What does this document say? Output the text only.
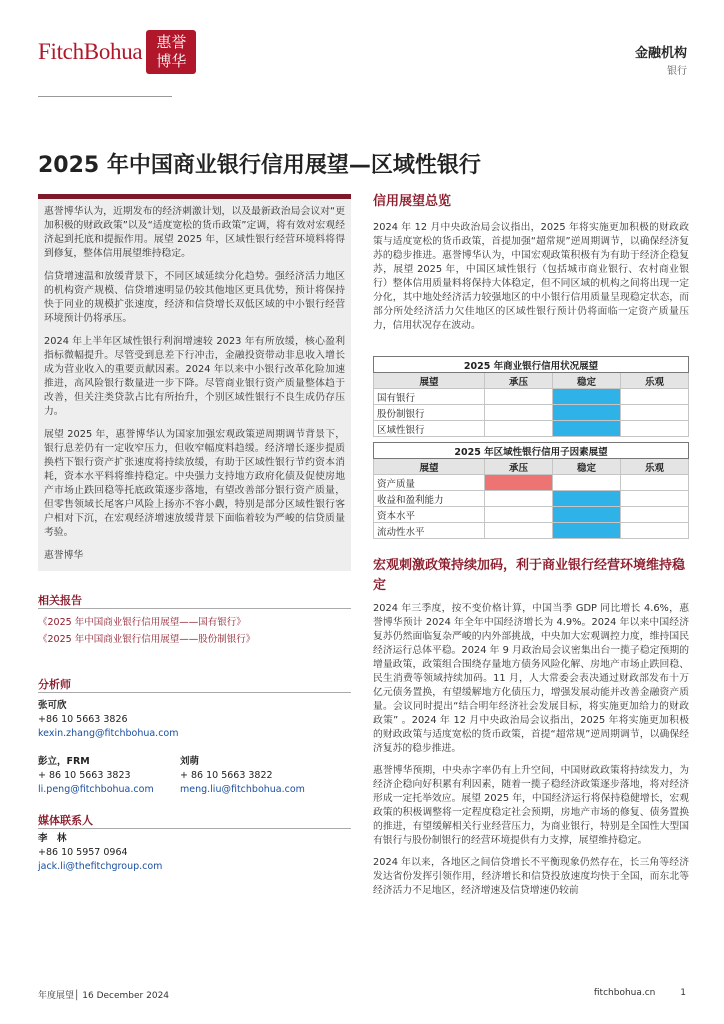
FitchBohua 惠誉
博华	金融机构
银行
2025 年中国商业银行信用展望—区域性银行

惠誉博华认为，近期发布的经济刺激计划，以及最新政治局会议对“更加积极的财政政策”以及“适度宽松的货币政策”定调，将有效对宏观经济起到托底和提振作用。展望 2025 年，区域性银行经营环境料将得到修复，整体信用展望维持稳定。

信贷增速温和放缓背景下，不同区域延续分化趋势。强经济活力地区的机构资产规模、信贷增速明显仍较其他地区更具优势，预计将保持快于同业的规模扩张速度，经济和信贷增长双低区域的中小银行经营环境预计仍将承压。

2024 年上半年区域性银行利润增速较 2023 年有所放缓，核心盈利指标微幅提升。尽管受到息差下行冲击，金融投资带动非息收入增长成为营业收入的重要贡献因素。2024 年以来中小银行改革化险加速推进，高风险银行数量进一步下降。尽管商业银行资产质量整体趋于改善，但关注类贷款占比有所抬升，个别区域性银行不良生成仍存压力。

展望 2025 年，惠誉博华认为国家加强宏观政策逆周期调节背景下，银行息差仍有一定收窄压力，但收窄幅度料趋缓。经济增长逐步提质换档下银行资产扩张速度将持续放缓，有助于区域性银行节约资本消耗，资本水平料将维持稳定。中央强力支持地方政府化债及促使房地产市场止跌回稳等托底政策逐步落地，有望改善部分银行资产质量，但零售领域长尾客户风险上扬亦不容小觑，特别是部分区域性银行客户相对下沉，在宏观经济增速放缓背景下面临着较为严峻的信贷质量考验。

惠誉博华

相关报告
《2025 年中国商业银行信用展望——国有银行》
《2025 年中国商业银行信用展望——股份制银行》
分析师
张可欣
+86 10 5663 3826
kexin.zhang@fitchbohua.com
彭立，FRM
+ 86 10 5663 3823
li.peng@fitchbohua.com
刘萌
+ 86 10 5663 3822
meng.liu@fitchbohua.com
媒体联系人
李　林
+86 10 5957 0964
jack.li@thefitchgroup.com
信用展望总览

2024 年 12 月中央政治局会议指出，2025 年将实施更加积极的财政政策与适度宽松的货币政策，首提加强“超常规”逆周期调节，以确保经济复苏的稳步推进。惠誉博华认为，中国宏观政策积极有为有助于经济企稳复苏，展望 2025 年，中国区域性银行（包括城市商业银行、农村商业银行）整体信用质量料将保持大体稳定，但不同区域的机构之间将出现一定分化，其中地处经济活力较强地区的中小银行信用质量呈现稳定状态，而部分所处经济活力欠佳地区的区域性银行预计仍将面临一定资产质量压力，信用状况存在波动。

2025 年商业银行信用状况展望			
展望	承压	稳定	乐观
国有银行			
股份制银行			
区域性银行			
2025 年区域性银行信用子因素展望			
展望	承压	稳定	乐观
资产质量			
收益和盈利能力			
资本水平			
流动性水平			
宏观刺激政策持续加码，利于商业银行经营环境维持稳定

2024 年三季度，按不变价格计算，中国当季 GDP 同比增长 4.6%，惠誉博华预计 2024 年全年中国经济增长为 4.9%。2024 年以来中国经济复苏仍然面临复杂严峻的内外部挑战，中央加大宏观调控力度，维持国民经济运行总体平稳。2024 年 9 月政治局会议密集出台一揽子稳定预期的增量政策，政策组合围绕存量地方债务风险化解、房地产市场止跌回稳、民生消费等领域持续加码。11 月，人大常委会表决通过财政部发布十万亿元债务置换，有望缓解地方化债压力，增强发展动能并改善金融资产质量。会议同时提出“结合明年经济社会发展目标，将实施更加给力的财政政策” 。2024 年 12 月中央政治局会议指出，2025 年将实施更加积极的财政政策与适度宽松的货币政策，首提“超常规”逆周期调节，以确保经济复苏的稳步推进。

惠誉博华预期，中央赤字率仍有上升空间，中国财政政策将持续发力，为经济企稳向好积累有利因素，随着一揽子稳经济政策逐步落地，将对经济形成一定托举效应。展望 2025 年，中国经济运行将保持稳健增长，宏观政策的积极调整将一定程度稳定社会预期，房地产市场的修复、债务置换的推进，有望缓解相关行业经营压力，为商业银行，特别是全国性大型国有银行与股份制银行的经营环境提供有力支撑，展望维持稳定。

2024 年以来，各地区之间信贷增长不平衡现象仍然存在，长三角等经济发达省份发挥引领作用，经济增长和信贷投放速度均快于全国，而东北等经济活力不足地区，经济增速及信贷增速仍较前

年度展望│ 16 December 2024	fitchbohua.cn	1
